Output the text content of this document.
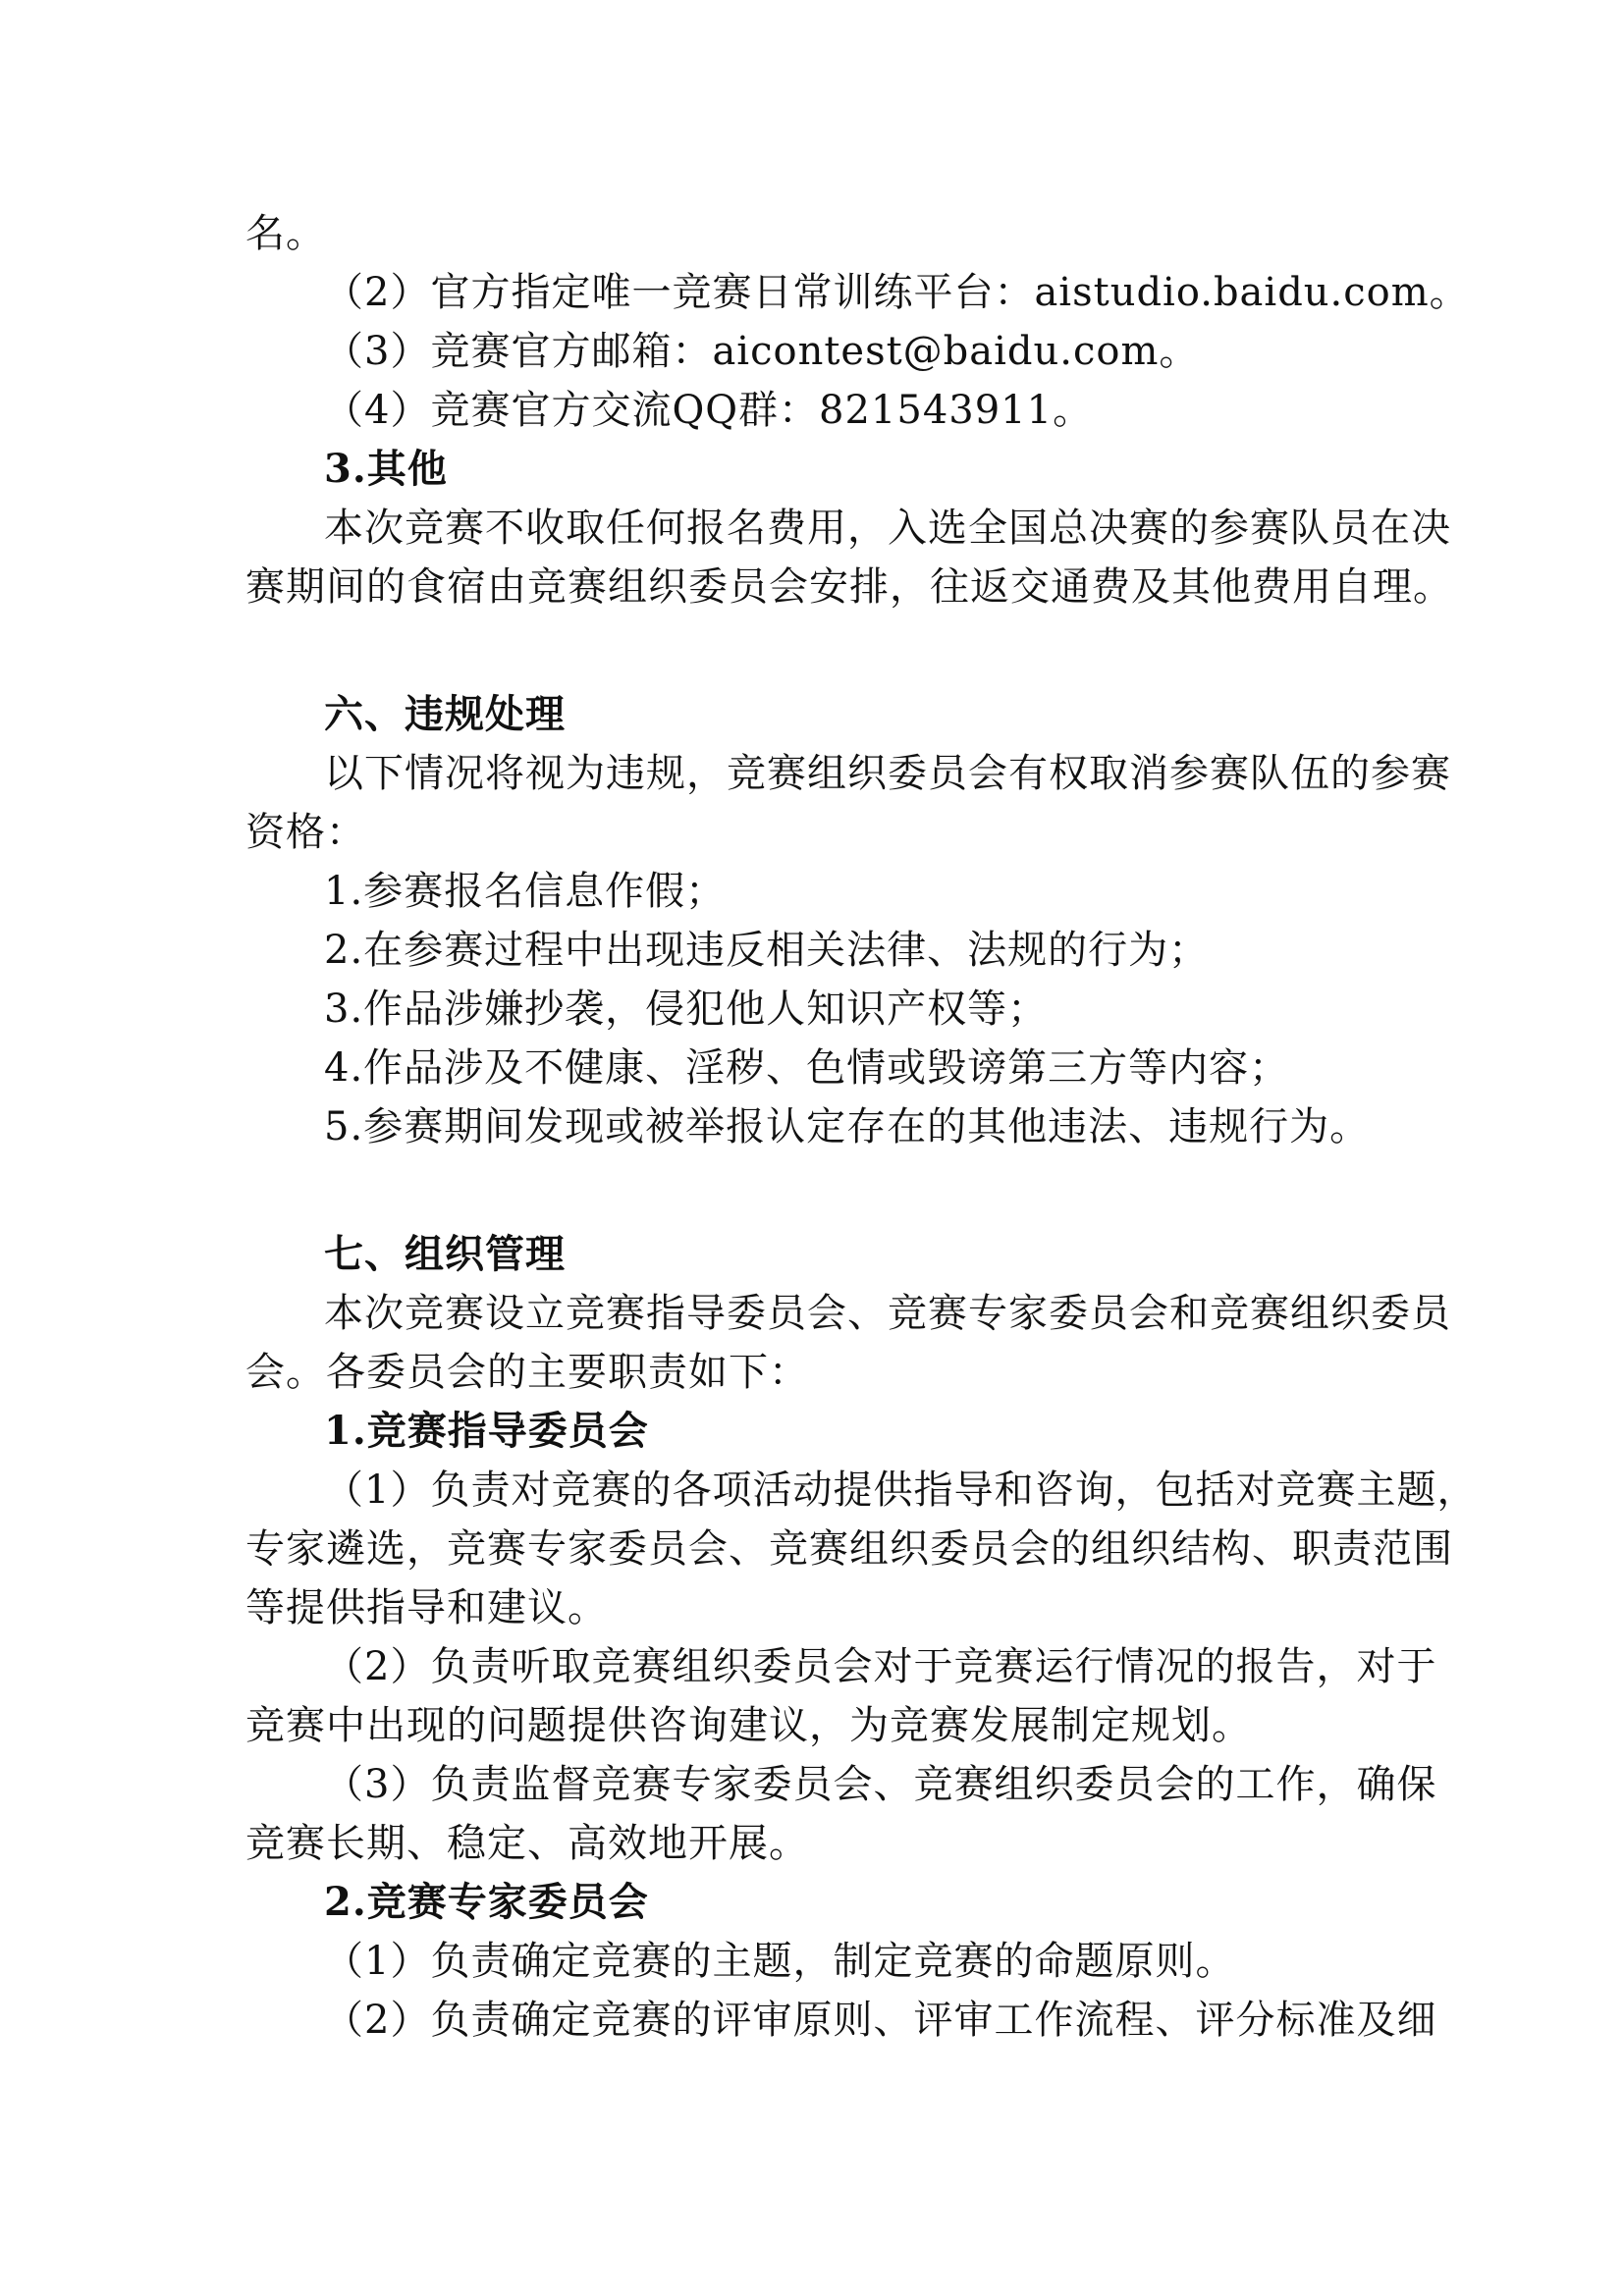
名。
（2）官方指定唯一竞赛日常训练平台：aistudio.baidu.com。
（3）竞赛官方邮箱：aicontest@baidu.com。
（4）竞赛官方交流QQ群：821543911。
3.其他
本次竞赛不收取任何报名费用，入选全国总决赛的参赛队员在决
赛期间的食宿由竞赛组织委员会安排，往返交通费及其他费用自理。
六、违规处理
以下情况将视为违规，竞赛组织委员会有权取消参赛队伍的参赛
资格：
1.参赛报名信息作假；
2.在参赛过程中出现违反相关法律、法规的行为；
3.作品涉嫌抄袭，侵犯他人知识产权等；
4.作品涉及不健康、淫秽、色情或毁谤第三方等内容；
5.参赛期间发现或被举报认定存在的其他违法、违规行为。
七、组织管理
本次竞赛设立竞赛指导委员会、竞赛专家委员会和竞赛组织委员
会。各委员会的主要职责如下：
1.竞赛指导委员会
（1）负责对竞赛的各项活动提供指导和咨询，包括对竞赛主题，
专家遴选，竞赛专家委员会、竞赛组织委员会的组织结构、职责范围
等提供指导和建议。
（2）负责听取竞赛组织委员会对于竞赛运行情况的报告，对于
竞赛中出现的问题提供咨询建议，为竞赛发展制定规划。
（3）负责监督竞赛专家委员会、竞赛组织委员会的工作，确保
竞赛长期、稳定、高效地开展。
2.竞赛专家委员会
（1）负责确定竞赛的主题，制定竞赛的命题原则。
（2）负责确定竞赛的评审原则、评审工作流程、评分标准及细
